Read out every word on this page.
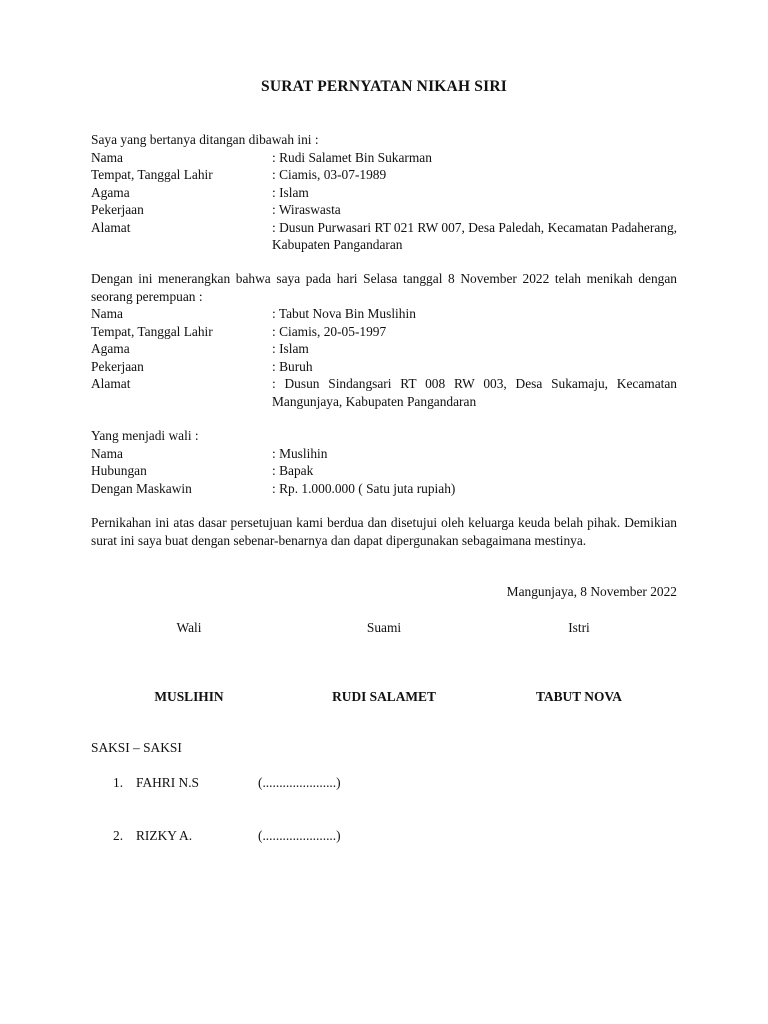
SURAT PERNYATAN NIKAH SIRI
Saya yang bertanya ditangan dibawah ini :
Nama	: Rudi Salamet Bin Sukarman
Tempat, Tanggal Lahir	: Ciamis, 03-07-1989
Agama	: Islam
Pekerjaan	: Wiraswasta
Alamat	: Dusun Purwasari RT 021 RW 007, Desa Paledah, Kecamatan Padaherang, Kabupaten Pangandaran
Dengan ini menerangkan bahwa saya pada hari Selasa tanggal 8 November 2022 telah menikah dengan seorang perempuan :
Nama	: Tabut Nova Bin Muslihin
Tempat, Tanggal Lahir	: Ciamis, 20-05-1997
Agama	: Islam
Pekerjaan	: Buruh
Alamat	: Dusun Sindangsari RT 008 RW 003, Desa Sukamaju, Kecamatan Mangunjaya, Kabupaten Pangandaran
Yang menjadi wali :
Nama	: Muslihin
Hubungan	: Bapak
Dengan Maskawin	: Rp. 1.000.000 ( Satu juta rupiah)
Pernikahan ini atas dasar persetujuan kami berdua dan disetujui oleh keluarga keuda belah pihak. Demikian surat ini saya buat dengan sebenar-benarnya dan dapat dipergunakan sebagaimana mestinya.
Mangunjaya, 8 November 2022
Wali	Suami	Istri
MUSLIHIN	RUDI SALAMET	TABUT NOVA
SAKSI – SAKSI
1. FAHRI N.S	(......................)
2. RIZKY A.	(......................)
